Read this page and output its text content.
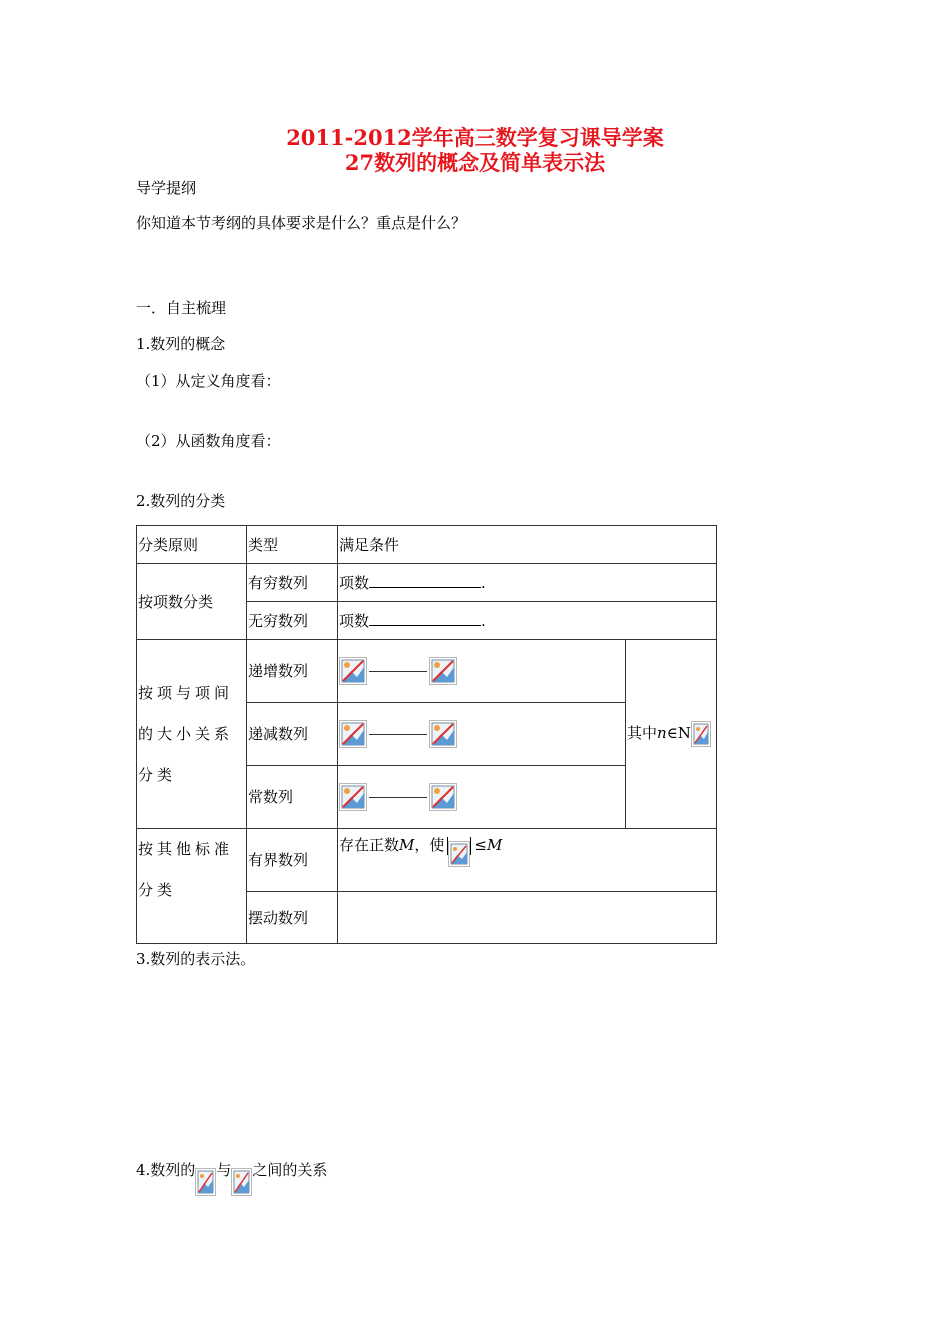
2011-2012学年高三数学复习课导学案
27数列的概念及简单表示法
导学提纲
你知道本节考纲的具体要求是什么？重点是什么？
一．自主梳理
1.数列的概念
（1）从定义角度看：
（2）从函数角度看：
2.数列的分类
分类原则	类型	满足条件	
按项数分类	有穷数列	项数 .	
	无穷数列	项数 .	
按项与项间的大小关系分类	递增数列		其中n∈N

	递减数列	

	常数列	

按其他标准分类	有界数列	存在正数M，使 ≤M	
	摆动数列		
3.数列的表示法。
4.数列的 与 之间的关系
